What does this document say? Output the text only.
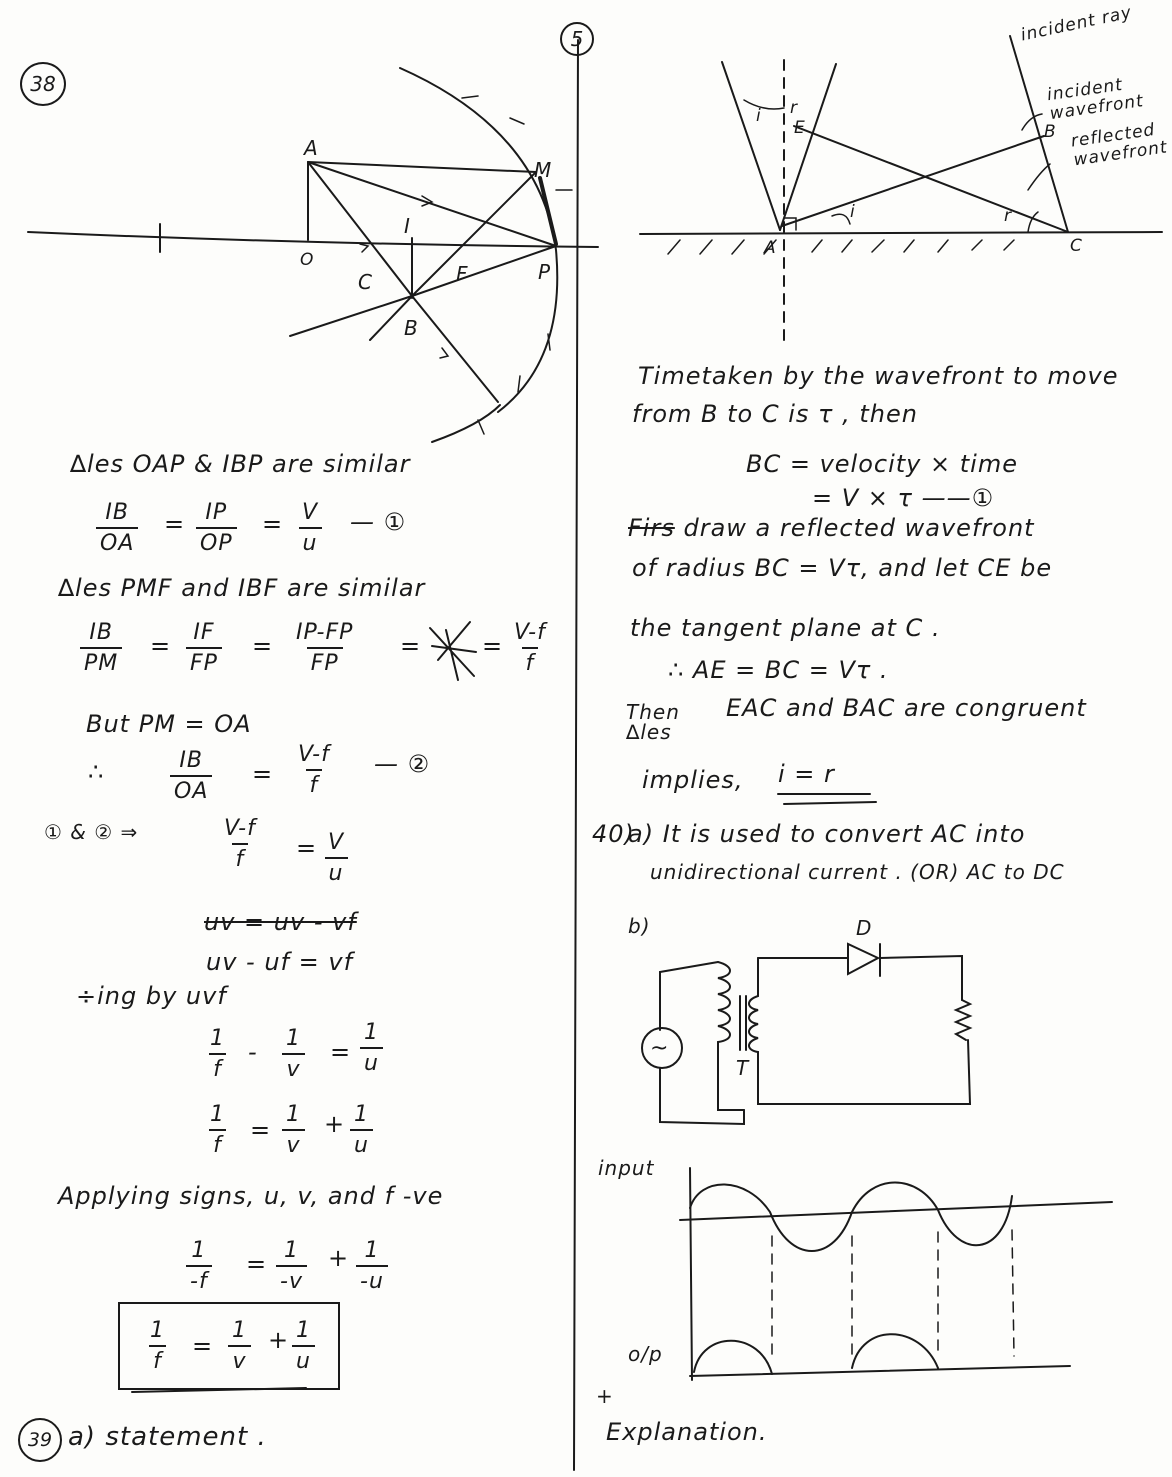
5
38
A
O
C
I
B
F	P
M
∆les OAP & IBP are similar
$\frac{IB}{OA} = \frac{IP}{OP} = \frac{V}{u}$ — ①
∆les PMF and IBF are similar
$\frac{IB}{PM} = \frac{IF}{FP} = \frac{IP-FP}{FP}$ =	= $\frac{V-f}{f}$
But PM = OA
∴	$\frac{IB}{OA} = \frac{V-f}{f}$ — ②
① & ② ⇒	$\frac{V-f}{f} = \frac{V}{u}$
uv = uv - vf
uv - uf = vf
÷ing by uvf
$\frac{1}{f} - \frac{1}{v} = \frac{1}{u}$
$\frac{1}{f} = \frac{1}{v} + \frac{1}{u}$
Applying signs, u, v, and f -ve
$\frac{1}{-f} = \frac{1}{-v} + \frac{1}{-u}$
$\frac{1}{f} = \frac{1}{v} + \frac{1}{u}$
39 a) statement .
incident ray
incident wavefront
reflected wavefront
i r
E	B
i	r
A	C
Timetaken by the wavefront to move
from B to C is τ , then
BC = velocity × time
= V × τ ——①
Firs draw a reflected wavefront
of radius BC = Vτ, and let CE be
the tangent plane at C .
∴ AE = BC = Vτ .
Then ∆les
EAC and BAC are congruent
implies, i = r
40)
a) It is used to convert AC into
unidirectional current . (OR) AC to DC
b)
~
D
T
input
o/p
+
Explanation.
